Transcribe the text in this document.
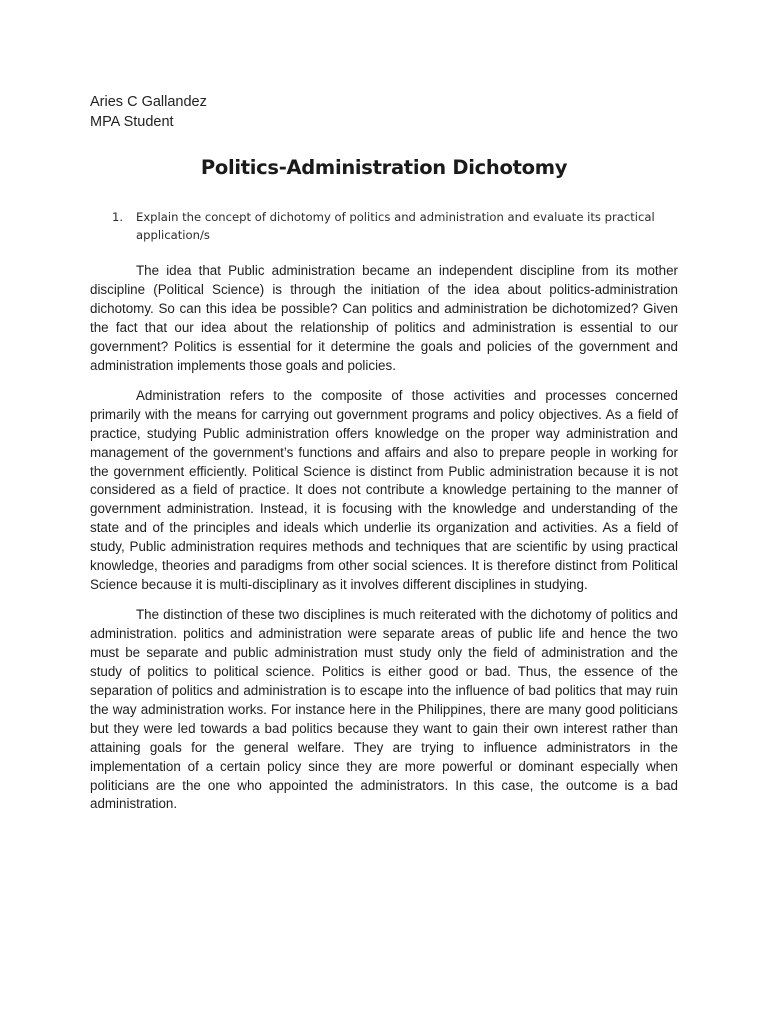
Aries C Gallandez
MPA Student
Politics-Administration Dichotomy
1.	Explain the concept of dichotomy of politics and administration and evaluate its practical application/s

The idea that Public administration became an independent discipline from its mother discipline (Political Science) is through the initiation of the idea about politics-administration dichotomy. So can this idea be possible? Can politics and administration be dichotomized? Given the fact that our idea about the relationship of politics and administration is essential to our government? Politics is essential for it determine the goals and policies of the government and administration implements those goals and policies.

Administration refers to the composite of those activities and processes concerned primarily with the means for carrying out government programs and policy objectives. As a field of practice, studying Public administration offers knowledge on the proper way administration and management of the government’s functions and affairs and also to prepare people in working for the government efficiently. Political Science is distinct from Public administration because it is not considered as a field of practice. It does not contribute a knowledge pertaining to the manner of government administration. Instead, it is focusing with the knowledge and understanding of the state and of the principles and ideals which underlie its organization and activities. As a field of study, Public administration requires methods and techniques that are scientific by using practical knowledge, theories and paradigms from other social sciences. It is therefore distinct from Political Science because it is multi-disciplinary as it involves different disciplines in studying.

The distinction of these two disciplines is much reiterated with the dichotomy of politics and administration. politics and administration were separate areas of public life and hence the two must be separate and public administration must study only the field of administration and the study of politics to political science. Politics is either good or bad. Thus, the essence of the separation of politics and administration is to escape into the influence of bad politics that may ruin the way administration works. For instance here in the Philippines, there are many good politicians but they were led towards a bad politics because they want to gain their own interest rather than attaining goals for the general welfare. They are trying to influence administrators in the implementation of a certain policy since they are more powerful or dominant especially when politicians are the one who appointed the administrators. In this case, the outcome is a bad administration.
